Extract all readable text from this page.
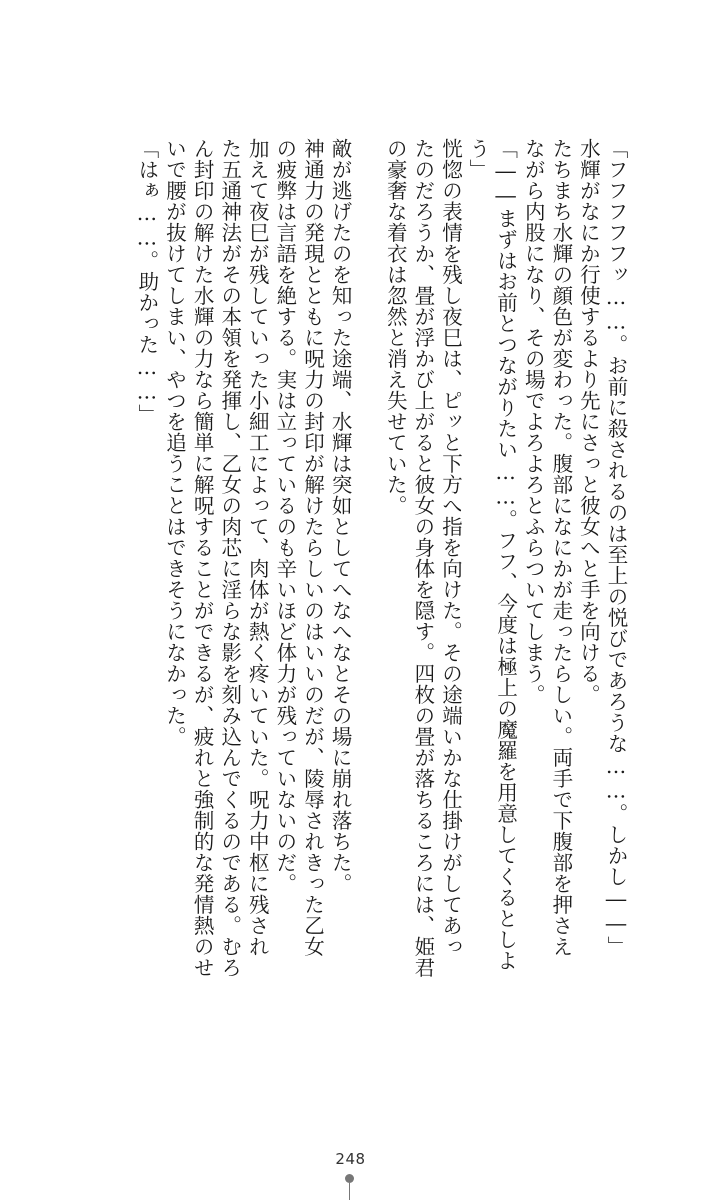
「フフフフフッ……。お前に殺されるのは至上の悦びであろうな……。しかし――」
水輝がなにか行使するより先にさっと彼女へと手を向ける。
たちまち水輝の顔色が変わった。腹部になにかが走ったらしい。両手で下腹部を押さえ
ながら内股になり、その場でよろよろとふらついてしまう。
「――まずはお前とつながりたい……。フフ、今度は極上の魔羅を用意してくるとしよう」
恍惚の表情を残し夜巳は、ピッと下方へ指を向けた。その途端いかな仕掛けがしてあっ
たのだろうか、畳が浮かび上がると彼女の身体を隠す。四枚の畳が落ちるころには、姫君
の豪奢な着衣は忽然と消え失せていた。
敵が逃げたのを知った途端、水輝は突如としてへなへなとその場に崩れ落ちた。
神通力の発現とともに呪力の封印が解けたらしいのはいいのだが、陵辱されきった乙女
の疲弊は言語を絶する。実は立っているのも辛いほど体力が残っていないのだ。
加えて夜巳が残していった小細工によって、肉体が熱く疼いていた。呪力中枢に残され
た五通神法がその本領を発揮し、乙女の肉芯に淫らな影を刻み込んでくるのである。むろ
ん封印の解けた水輝の力なら簡単に解呪することができるが、疲れと強制的な発情熱のせ
いで腰が抜けてしまい、やつを追うことはできそうになかった。
「はぁ……。助かった……」
248
